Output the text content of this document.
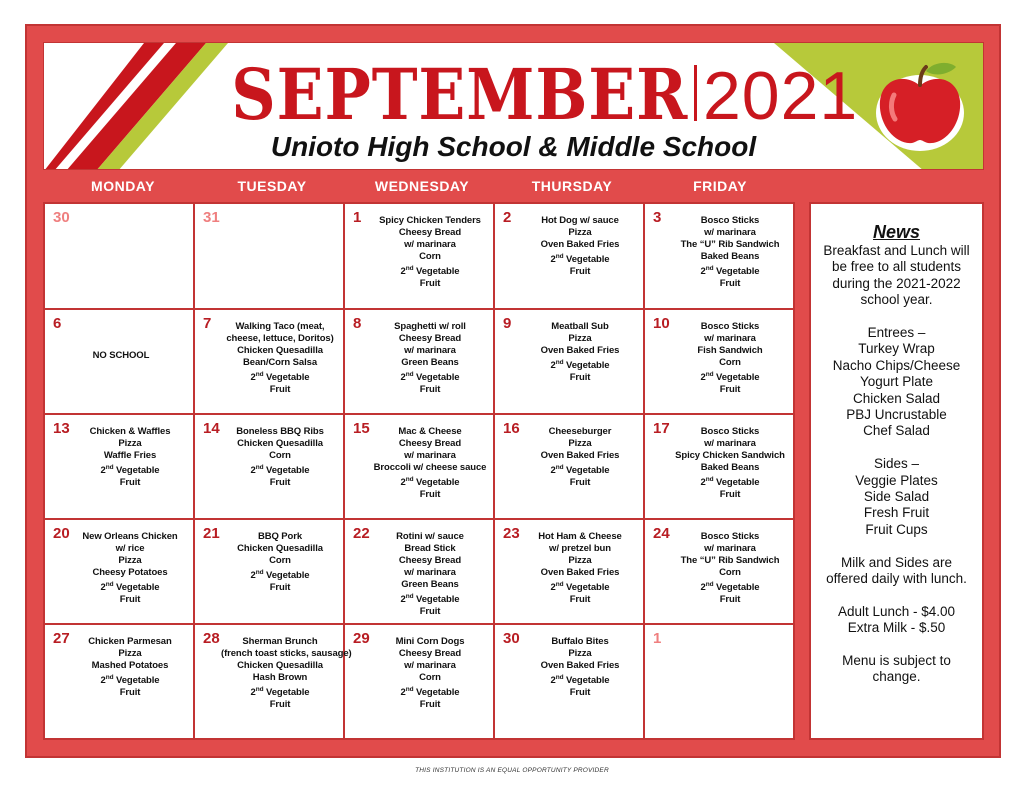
SEPTEMBER 2021
Unioto High School & Middle School
MONDAY	TUESDAY	WEDNESDAY	THURSDAY	FRIDAY
30	31	1	Spicy Chicken Tenders
Cheesy Bread
w/ marinara
Corn
2nd Vegetable
Fruit
2	Hot Dog w/ sauce
Pizza
Oven Baked Fries
2nd Vegetable
Fruit
3	Bosco Sticks
w/ marinara
The “U” Rib Sandwich
Baked Beans
2nd Vegetable
Fruit
6
NO SCHOOL
7	Walking Taco (meat,
cheese, lettuce, Doritos)
Chicken Quesadilla
Bean/Corn Salsa
2nd Vegetable
Fruit
8	Spaghetti w/ roll
Cheesy Bread
w/ marinara
Green Beans
2nd Vegetable
Fruit
9	Meatball Sub
Pizza
Oven Baked Fries
2nd Vegetable
Fruit
10	Bosco Sticks
w/ marinara
Fish Sandwich
Corn
2nd Vegetable
Fruit
13	Chicken & Waffles
Pizza
Waffle Fries
2nd Vegetable
Fruit
14	Boneless BBQ Ribs
Chicken Quesadilla
Corn
2nd Vegetable
Fruit
15	Mac & Cheese
Cheesy Bread
w/ marinara
Broccoli w/ cheese sauce
2nd Vegetable
Fruit
16	Cheeseburger
Pizza
Oven Baked Fries
2nd Vegetable
Fruit
17	Bosco Sticks
w/ marinara
Spicy Chicken Sandwich
Baked Beans
2nd Vegetable
Fruit
20	New Orleans Chicken
w/ rice
Pizza
Cheesy Potatoes
2nd Vegetable
Fruit
21	BBQ Pork
Chicken Quesadilla
Corn
2nd Vegetable
Fruit
22	Rotini w/ sauce
Bread Stick
Cheesy Bread
w/ marinara
Green Beans
2nd Vegetable
Fruit
23	Hot Ham & Cheese
w/ pretzel bun
Pizza
Oven Baked Fries
2nd Vegetable
Fruit
24	Bosco Sticks
w/ marinara
The “U” Rib Sandwich
Corn
2nd Vegetable
Fruit
27	Chicken Parmesan
Pizza
Mashed Potatoes
2nd Vegetable
Fruit
28	Sherman Brunch
(french toast sticks, sausage)
Chicken Quesadilla
Hash Brown
2nd Vegetable
Fruit
29	Mini Corn Dogs
Cheesy Bread
w/ marinara
Corn
2nd Vegetable
Fruit
30	Buffalo Bites
Pizza
Oven Baked Fries
2nd Vegetable
Fruit
1
News
Breakfast and Lunch will
be free to all students
during the 2021-2022
school year.
Entrees –
Turkey Wrap
Nacho Chips/Cheese
Yogurt Plate
Chicken Salad
PBJ Uncrustable
Chef Salad
Sides –
Veggie Plates
Side Salad
Fresh Fruit
Fruit Cups
Milk and Sides are
offered daily with lunch.
Adult Lunch - $4.00
Extra Milk - $.50
Menu is subject to
change.
THIS INSTITUTION IS AN EQUAL OPPORTUNITY PROVIDER
